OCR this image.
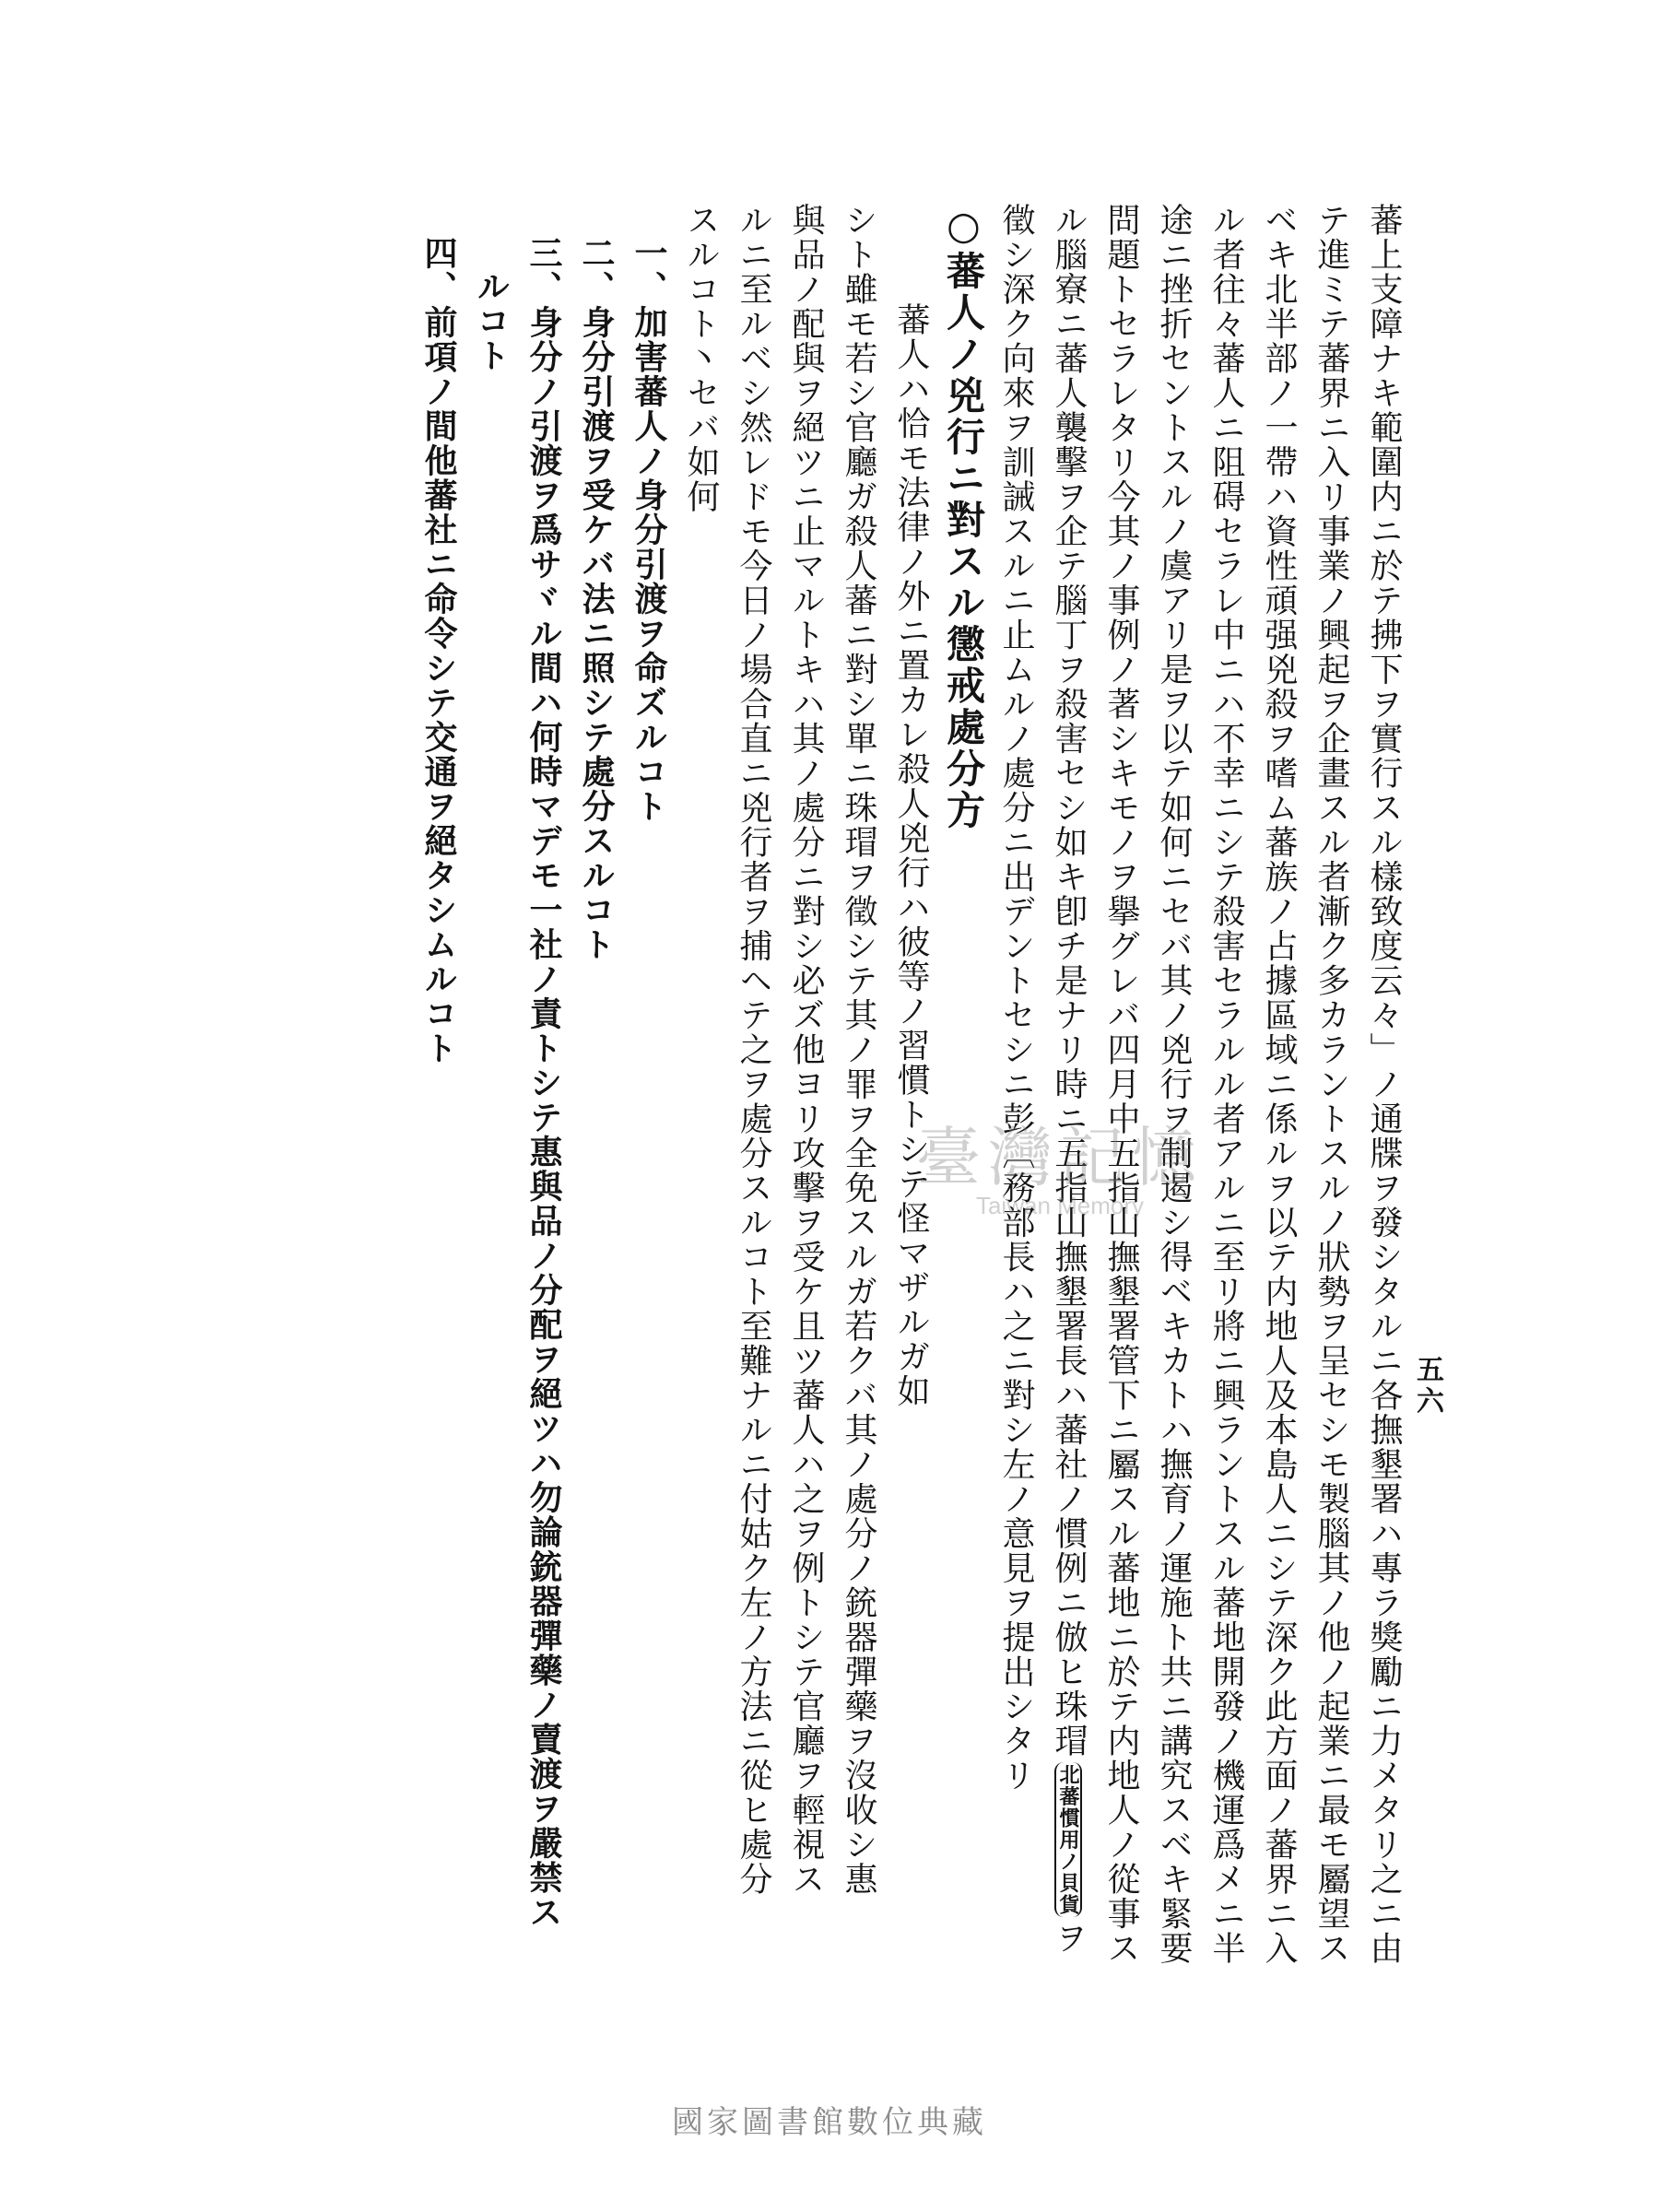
五六
蕃上支障ナキ範圍内ニ於テ拂下ヲ實行スル樣致度云々」ノ通牒ヲ發シタルニ各撫墾署ハ專ラ獎勵ニ力メタリ之ニ由
テ進ミテ蕃界ニ入リ事業ノ興起ヲ企畫スル者漸ク多カラントスルノ狀勢ヲ呈セシモ製腦其ノ他ノ起業ニ最モ屬望ス
ベキ北半部ノ一帶ハ資性頑强兇殺ヲ嗜ム蕃族ノ占據區域ニ係ルヲ以テ内地人及本島人ニシテ深ク此方面ノ蕃界ニ入
ル者往々蕃人ニ阻碍セラレ中ニハ不幸ニシテ殺害セラルル者アルニ至リ將ニ興ラントスル蕃地開發ノ機運爲メニ半
途ニ挫折セントスルノ虞アリ是ヲ以テ如何ニセバ其ノ兇行ヲ制遏シ得ベキカトハ撫育ノ運施ト共ニ講究スベキ緊要
問題トセラレタリ今其ノ事例ノ著シキモノヲ擧グレバ四月中五指山撫墾署管下ニ屬スル蕃地ニ於テ内地人ノ從事ス
ル腦寮ニ蕃人襲擊ヲ企テ腦丁ヲ殺害セシ如キ卽チ是ナリ時ニ五指山撫墾署長ハ蕃社ノ慣例ニ倣ヒ珠瑁北蕃慣用ノ貝貨ヲ
徵シ深ク向來ヲ訓誡スルニ止ムルノ處分ニ出デントセシニ彭〔務部長ハ之ニ對シ左ノ意見ヲ提出シタリ
○蕃人ノ兇行ニ對スル懲戒處分方
蕃人ハ恰モ法律ノ外ニ置カレ殺人兇行ハ彼等ノ習慣トシテ怪マザルガ如
シト雖モ若シ官廳ガ殺人蕃ニ對シ單ニ珠瑁ヲ徵シテ其ノ罪ヲ全免スルガ若クバ其ノ處分ノ銃器彈藥ヲ沒收シ惠
與品ノ配與ヲ絕ツニ止マルトキハ其ノ處分ニ對シ必ズ他ヨリ攻擊ヲ受ケ且ツ蕃人ハ之ヲ例トシテ官廳ヲ輕視ス
ルニ至ルベシ然レドモ今日ノ場合直ニ兇行者ヲ捕ヘテ之ヲ處分スルコト至難ナルニ付姑ク左ノ方法ニ從ヒ處分
スルコト丶セバ如何
一、加害蕃人ノ身分引渡ヲ命ズルコト
二、身分引渡ヲ受ケバ法ニ照シテ處分スルコト
三、身分ノ引渡ヲ爲サヾル間ハ何時マデモ一社ノ責トシテ惠與品ノ分配ヲ絕ツハ勿論銃器彈藥ノ賣渡ヲ嚴禁ス
ルコト
四、前項ノ間他蕃社ニ命令シテ交通ヲ絕タシムルコト
臺灣記憶
Taiwan Memory
國家圖書館數位典藏
